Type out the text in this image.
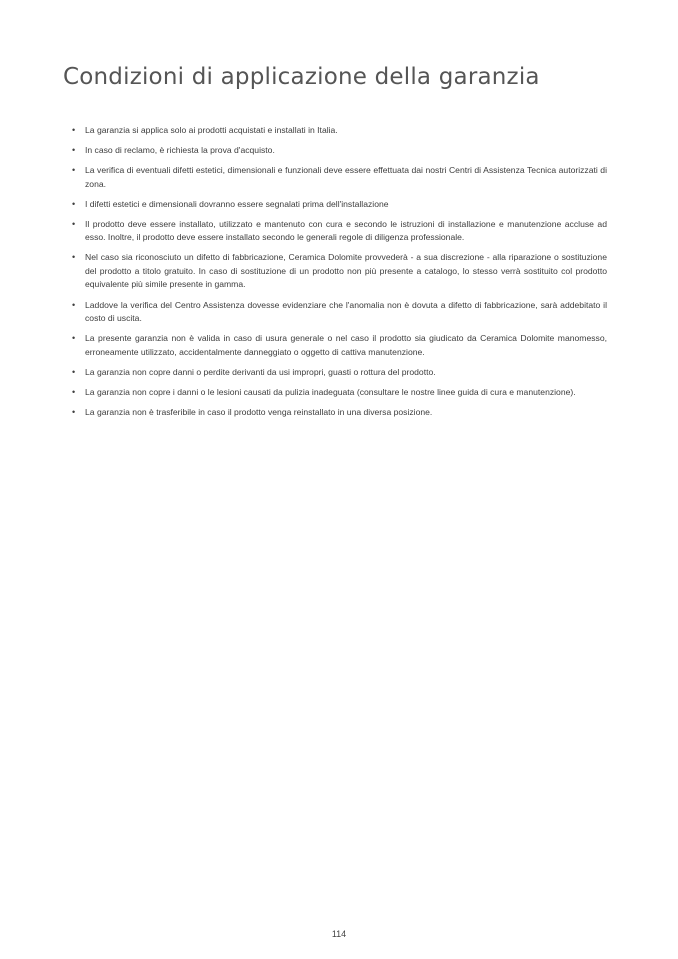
Condizioni di applicazione della garanzia
• La garanzia si applica solo ai prodotti acquistati e installati in Italia.
• In caso di reclamo, è richiesta la prova d'acquisto.
• La verifica di eventuali difetti estetici, dimensionali e funzionali deve essere effettuata dai nostri Centri di Assistenza Tecnica autorizzati di zona.
• I difetti estetici e dimensionali dovranno essere segnalati prima dell'installazione
• Il prodotto deve essere installato, utilizzato e mantenuto con cura e secondo le istruzioni di installazione e manutenzione accluse ad esso. Inoltre, il prodotto deve essere installato secondo le generali regole di diligenza professionale.
• Nel caso sia riconosciuto un difetto di fabbricazione, Ceramica Dolomite provvederà - a sua discrezione - alla riparazione o sostituzione del prodotto a titolo gratuito. In caso di sostituzione di un prodotto non più presente a catalogo, lo stesso verrà sostituito col prodotto equivalente più simile presente in gamma.
• Laddove la verifica del Centro Assistenza dovesse evidenziare che l'anomalia non è dovuta a difetto di fabbricazione, sarà addebitato il costo di uscita.
• La presente garanzia non è valida in caso di usura generale o nel caso il prodotto sia giudicato da Ceramica Dolomite manomesso, erroneamente utilizzato, accidentalmente danneggiato o oggetto di cattiva manutenzione.
• La garanzia non copre danni o perdite derivanti da usi impropri, guasti o rottura del prodotto.
• La garanzia non copre i danni o le lesioni causati da pulizia inadeguata (consultare le nostre linee guida di cura e manutenzione).
• La garanzia non è trasferibile in caso il prodotto venga reinstallato in una diversa posizione.
114
